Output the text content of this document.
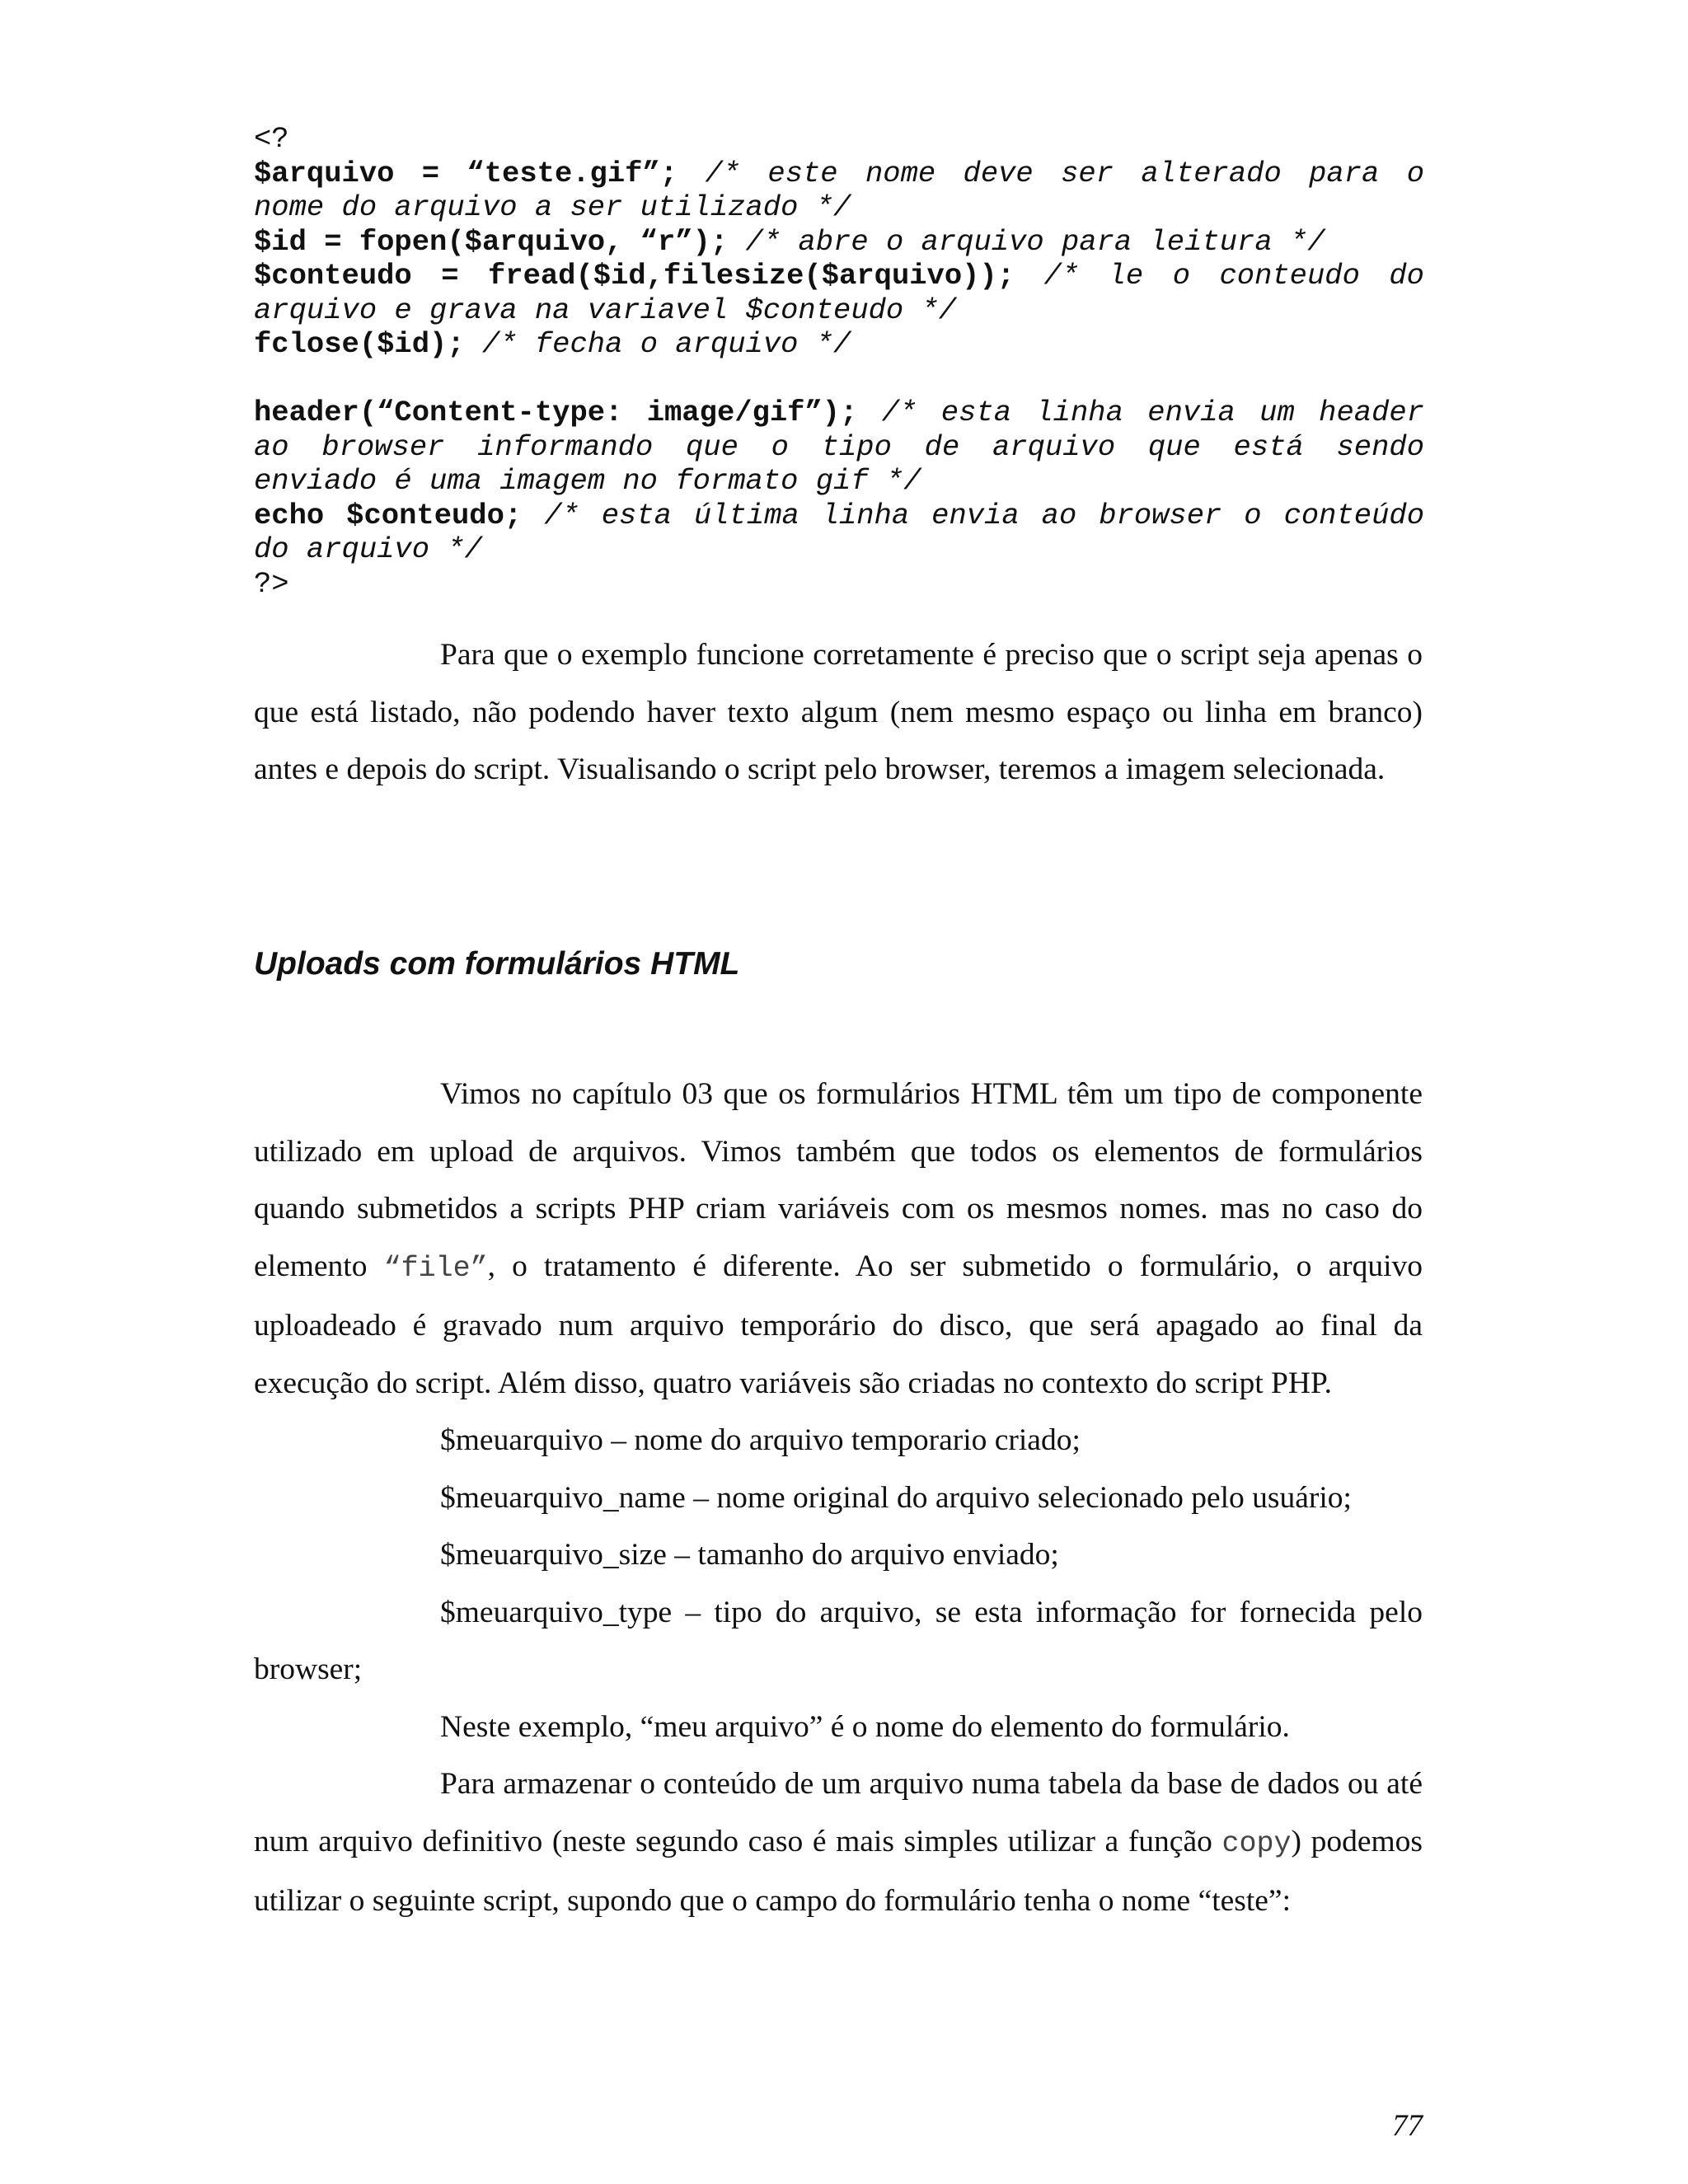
<?
$arquivo = “teste.gif”; /* este nome deve ser alterado para o
nome do arquivo a ser utilizado */
$id = fopen($arquivo, “r”); /* abre o arquivo para leitura */
$conteudo = fread($id,filesize($arquivo)); /* le o conteudo do
arquivo e grava na variavel $conteudo */
fclose($id); /* fecha o arquivo */

header(“Content-type: image/gif”); /* esta linha envia um header
ao browser informando que o tipo de arquivo que está sendo
enviado é uma imagem no formato gif */
echo $conteudo; /* esta última linha envia ao browser o conteúdo
do arquivo */
?>

Para que o exemplo funcione corretamente é preciso que o script seja apenas o que está listado, não podendo haver texto algum (nem mesmo espaço ou linha em branco) antes e depois do script. Visualisando o script pelo browser, teremos a imagem selecionada.

Uploads com formulários HTML

Vimos no capítulo 03 que os formulários HTML têm um tipo de componente utilizado em upload de arquivos. Vimos também que todos os elementos de formulários quando submetidos a scripts PHP criam variáveis com os mesmos nomes. mas no caso do elemento “file”, o tratamento é diferente. Ao ser submetido o formulário, o arquivo uploadeado é gravado num arquivo temporário do disco, que será apagado ao final da execução do script. Além disso, quatro variáveis são criadas no contexto do script PHP.

$meuarquivo – nome do arquivo temporario criado;

$meuarquivo_name – nome original do arquivo selecionado pelo usuário;

$meuarquivo_size – tamanho do arquivo enviado;

$meuarquivo_type – tipo do arquivo, se esta informação for fornecida pelo browser;

Neste exemplo, “meu arquivo” é o nome do elemento do formulário.

Para armazenar o conteúdo de um arquivo numa tabela da base de dados ou até num arquivo definitivo (neste segundo caso é mais simples utilizar a função copy) podemos utilizar o seguinte script, supondo que o campo do formulário tenha o nome “teste”:

77
